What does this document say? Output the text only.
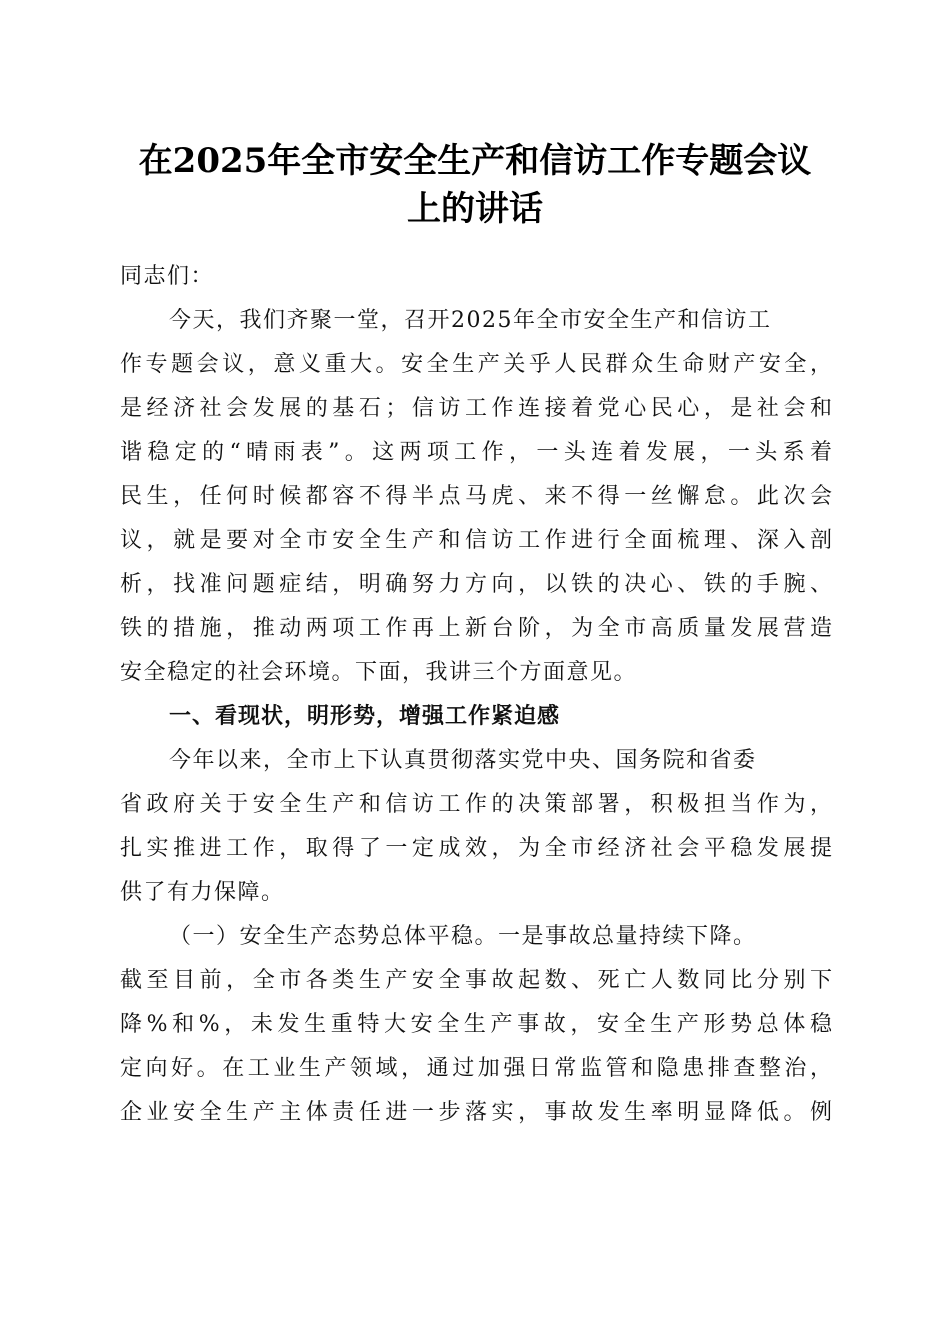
在2025年全市安全生产和信访工作专题会议
上的讲话
同志们：
今天，我们齐聚一堂，召开2025年全市安全生产和信访工
作专题会议，意义重大。安全生产关乎人民群众生命财产安全，
是经济社会发展的基石；信访工作连接着党心民心，是社会和
谐稳定的“晴雨表”。这两项工作，一头连着发展，一头系着
民生，任何时候都容不得半点马虎、来不得一丝懈怠。此次会
议，就是要对全市安全生产和信访工作进行全面梳理、深入剖
析，找准问题症结，明确努力方向，以铁的决心、铁的手腕、
铁的措施，推动两项工作再上新台阶，为全市高质量发展营造
安全稳定的社会环境。下面，我讲三个方面意见。
一、看现状，明形势，增强工作紧迫感
今年以来，全市上下认真贯彻落实党中央、国务院和省委
省政府关于安全生产和信访工作的决策部署，积极担当作为，
扎实推进工作，取得了一定成效，为全市经济社会平稳发展提
供了有力保障。
（一）安全生产态势总体平稳。一是事故总量持续下降。
截至目前，全市各类生产安全事故起数、死亡人数同比分别下
降%和%，未发生重特大安全生产事故，安全生产形势总体稳
定向好。在工业生产领域，通过加强日常监管和隐患排查整治，
企业安全生产主体责任进一步落实，事故发生率明显降低。例
